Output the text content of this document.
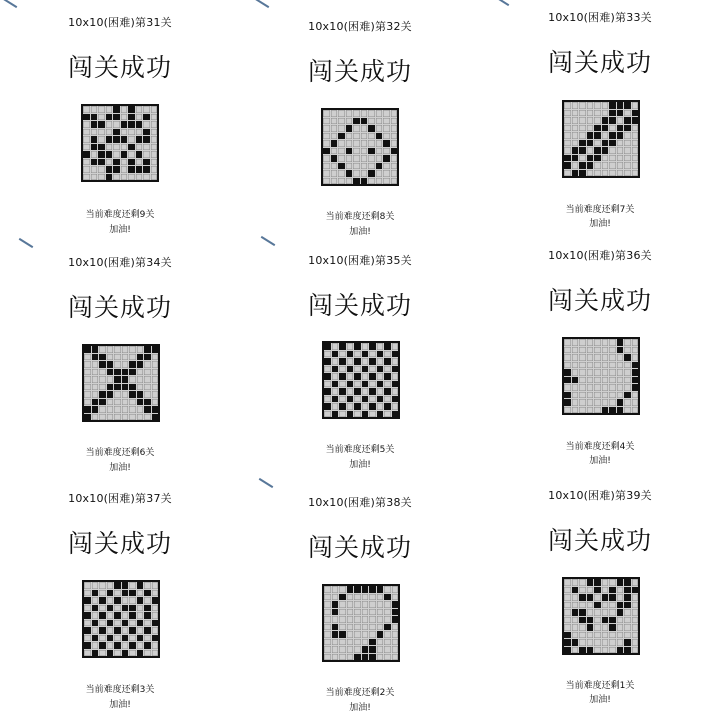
10x10(困难)第31关
闯关成功
当前难度还剩9关
加油!
10x10(困难)第32关
闯关成功
当前难度还剩8关
加油!
10x10(困难)第33关
闯关成功
当前难度还剩7关
加油!
10x10(困难)第34关
闯关成功
当前难度还剩6关
加油!
10x10(困难)第35关
闯关成功
当前难度还剩5关
加油!
10x10(困难)第36关
闯关成功
当前难度还剩4关
加油!
10x10(困难)第37关
闯关成功
当前难度还剩3关
加油!
10x10(困难)第38关
闯关成功
当前难度还剩2关
加油!
10x10(困难)第39关
闯关成功
当前难度还剩1关
加油!
